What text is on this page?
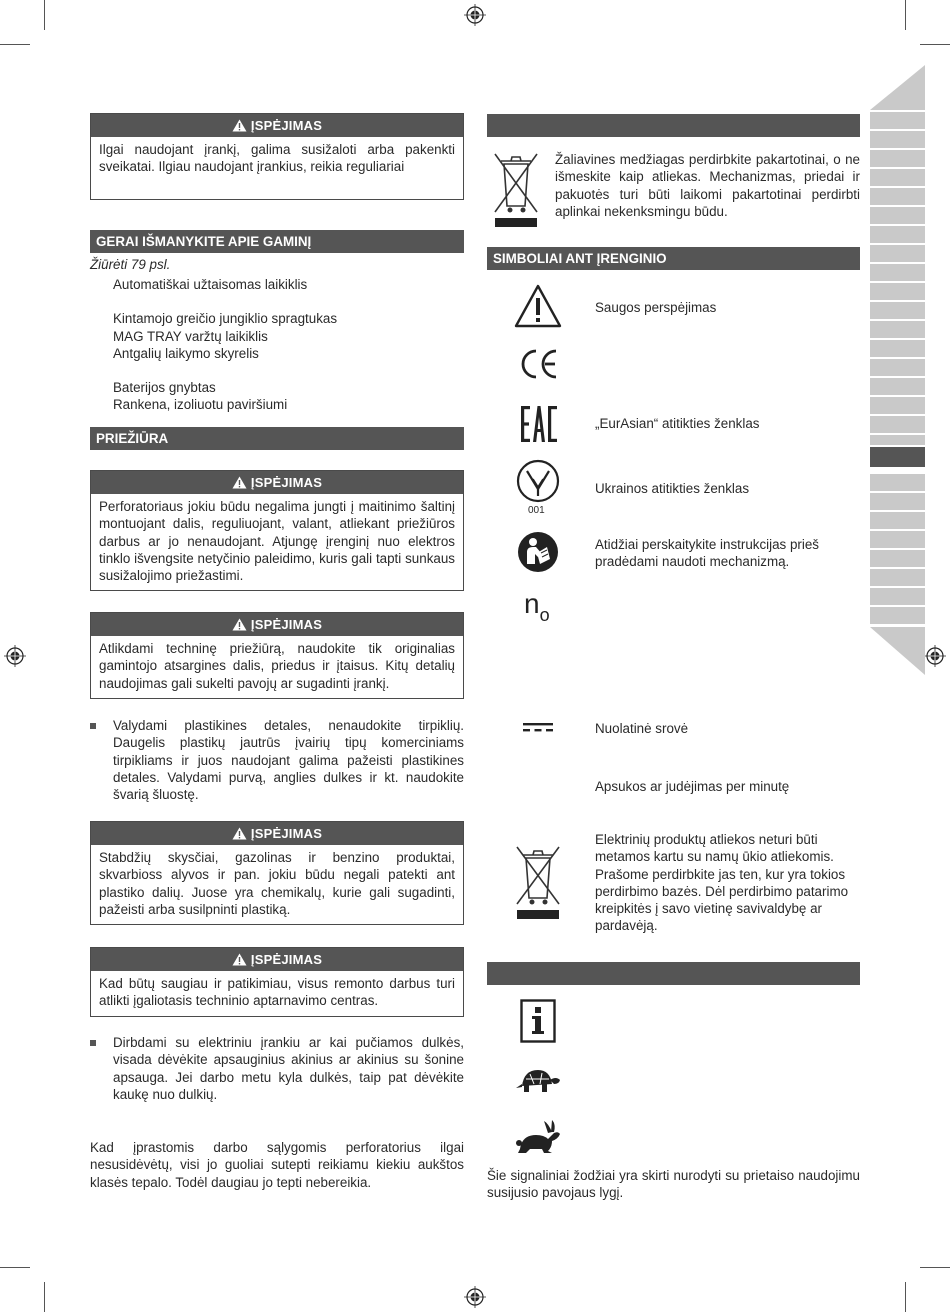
ĮSPĖJIMAS
Ilgai naudojant įrankį, galima susižaloti arba pakenkti sveikatai. Ilgiau naudojant įrankius, reikia reguliariai
GERAI IŠMANYKITE APIE GAMINĮ
Žiūrėti 79 psl.
Automatiškai užtaisomas laikiklis
Kintamojo greičio jungiklio spragtukas
MAG TRAY varžtų laikiklis
Antgalių laikymo skyrelis
Baterijos gnybtas
Rankena, izoliuotu paviršiumi
PRIEŽIŪRA
ĮSPĖJIMAS
Perforatoriaus jokiu būdu negalima jungti į maitinimo šaltinį montuojant dalis, reguliuojant, valant, atliekant priežiūros darbus ar jo nenaudojant. Atjungę įrenginį nuo elektros tinklo išvengsite netyčinio paleidimo, kuris gali tapti sunkaus susižalojimo priežastimi.
ĮSPĖJIMAS
Atlikdami techninę priežiūrą, naudokite tik originalias gamintojo atsargines dalis, priedus ir įtaisus. Kitų detalių naudojimas gali sukelti pavojų ar sugadinti įrankį.
Valydami plastikines detales, nenaudokite tirpiklių. Daugelis plastikų jautrūs įvairių tipų komerciniams tirpikliams ir juos naudojant galima pažeisti plastikines detales. Valydami purvą, anglies dulkes ir kt. naudokite švarią šluostę.
ĮSPĖJIMAS
Stabdžių skysčiai, gazolinas ir benzino produktai, skvarbioss alyvos ir pan. jokiu būdu negali patekti ant plastiko dalių. Juose yra chemikalų, kurie gali sugadinti, pažeisti arba susilpninti plastiką.
ĮSPĖJIMAS
Kad būtų saugiau ir patikimiau, visus remonto darbus turi atlikti įgaliotasis techninio aptarnavimo centras.
Dirbdami su elektriniu įrankiu ar kai pučiamos dulkės, visada dėvėkite apsauginius akinius ar akinius su šonine apsauga. Jei darbo metu kyla dulkės, taip pat dėvėkite kaukę nuo dulkių.
Kad įprastomis darbo sąlygomis perforatorius ilgai nesusidėvėtų, visi jo guoliai sutepti reikiamu kiekiu aukštos klasės tepalo. Todėl daugiau jo tepti nebereikia.
Žaliavines medžiagas perdirbkite pakartotinai, o ne išmeskite kaip atliekas. Mechanizmas, priedai ir pakuotės turi būti laikomi pakartotinai perdirbti aplinkai nekenksmingu būdu.
SIMBOLIAI ANT ĮRENGINIO
Saugos perspėjimas
„EurAsian“ atitikties ženklas
001
Ukrainos atitikties ženklas
Atidžiai perskaitykite instrukcijas prieš pradėdami naudoti mechanizmą.
$n_o$
Nuolatinė srovė
Apsukos ar judėjimas per minutę
Elektrinių produktų atliekos neturi būti metamos kartu su namų ūkio atliekomis. Prašome perdirbkite jas ten, kur yra tokios perdirbimo bazės. Dėl perdirbimo patarimo kreipkitės į savo vietinę savivaldybę ar pardavėją.
Šie signaliniai žodžiai yra skirti nurodyti su prietaiso naudojimu susijusio pavojaus lygį.
